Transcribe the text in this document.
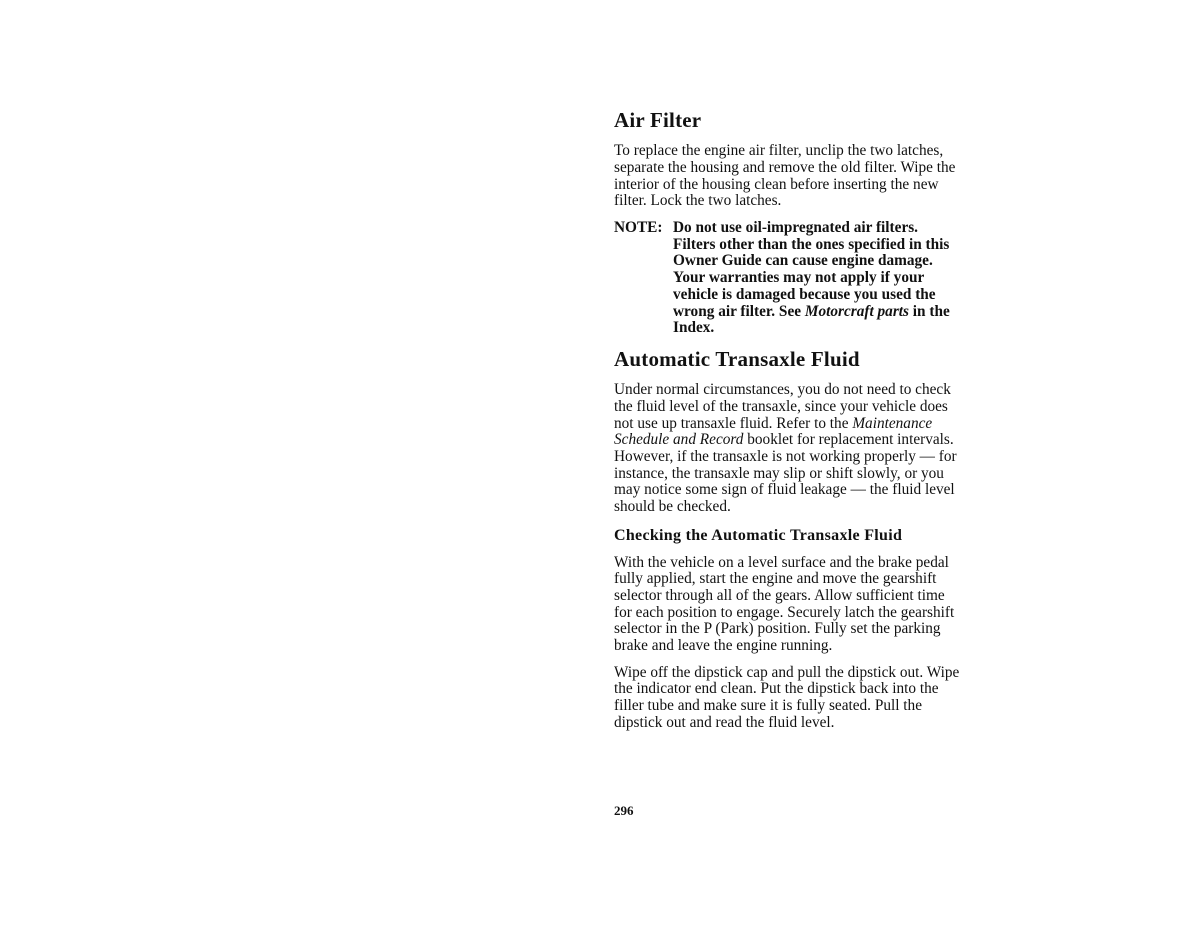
Air Filter

To replace the engine air filter, unclip the two latches, separate the housing and remove the old filter. Wipe the interior of the housing clean before inserting the new filter. Lock the two latches.

NOTE: Do not use oil-impregnated air filters. Filters other than the ones specified in this Owner Guide can cause engine damage. Your warranties may not apply if your vehicle is damaged because you used the wrong air filter. See Motorcraft parts in the Index.
Automatic Transaxle Fluid

Under normal circumstances, you do not need to check the fluid level of the transaxle, since your vehicle does not use up transaxle fluid. Refer to the Maintenance Schedule and Record booklet for replacement intervals. However, if the transaxle is not working properly — for instance, the transaxle may slip or shift slowly, or you may notice some sign of fluid leakage — the fluid level should be checked.

Checking the Automatic Transaxle Fluid

With the vehicle on a level surface and the brake pedal fully applied, start the engine and move the gearshift selector through all of the gears. Allow sufficient time for each position to engage. Securely latch the gearshift selector in the P (Park) position. Fully set the parking brake and leave the engine running.

Wipe off the dipstick cap and pull the dipstick out. Wipe the indicator end clean. Put the dipstick back into the filler tube and make sure it is fully seated. Pull the dipstick out and read the fluid level.

296
